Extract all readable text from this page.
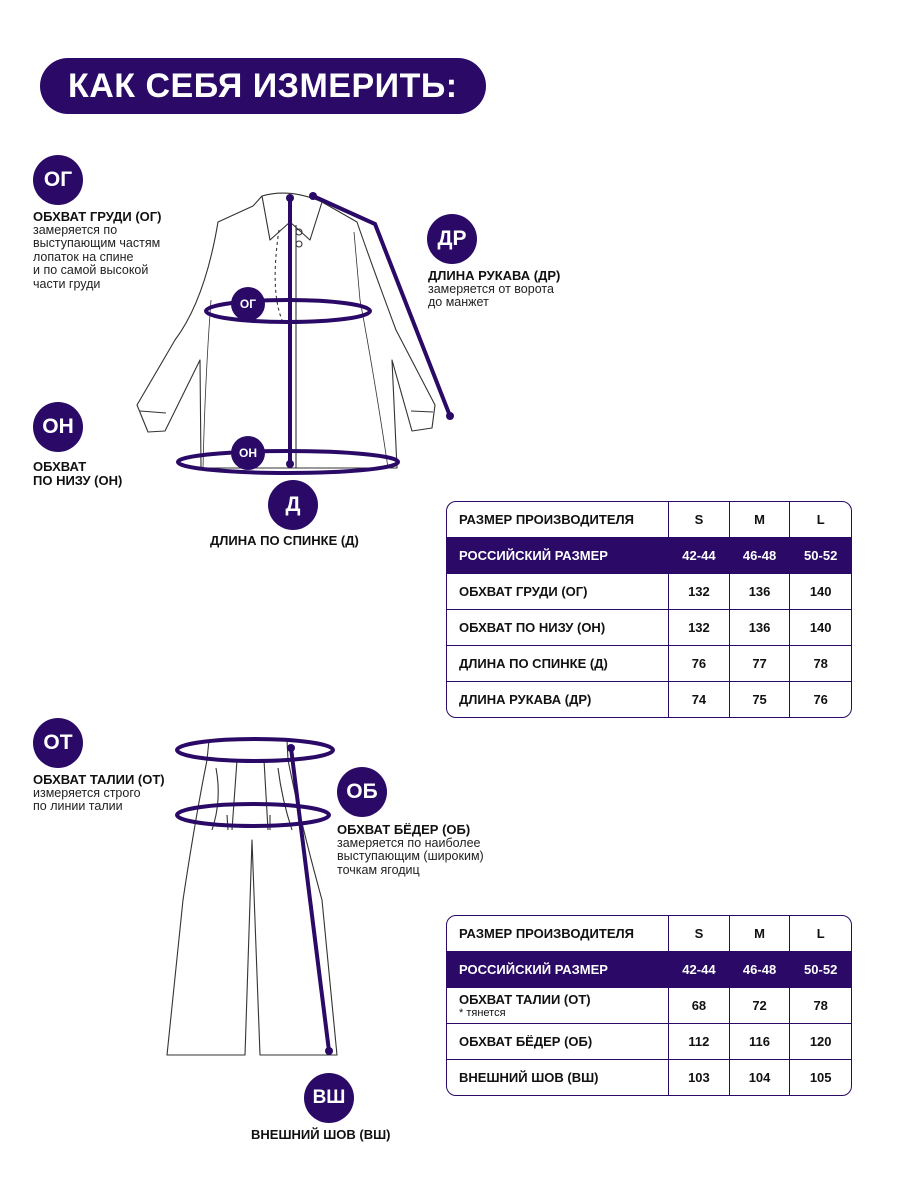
КАК СЕБЯ ИЗМЕРИТЬ:
ОГ
ОН
ОГ
ОБХВАТ ГРУДИ (ОГ)
замеряется по
выступающим частям
лопаток на спине
и по самой высокой
части груди
ДР
ДЛИНА РУКАВА (ДР)
замеряется от ворота
до манжет
ОН
ОБХВАТ
ПО НИЗУ (ОН)
Д
ДЛИНА ПО СПИНКЕ (Д)
ОТ
ОБХВАТ ТАЛИИ (ОТ)
измеряется строго
по линии талии
ОБ
ОБХВАТ БЁДЕР (ОБ)
замеряется по наиболее
выступающим (широким)
точкам ягодиц
ВШ
ВНЕШНИЙ ШОВ (ВШ)
РАЗМЕР ПРОИЗВОДИТЕЛЯ	S	M	L
РОССИЙСКИЙ РАЗМЕР	42-44	46-48	50-52
ОБХВАТ ГРУДИ (ОГ)	132	136	140
ОБХВАТ ПО НИЗУ (ОН)	132	136	140
ДЛИНА ПО СПИНКЕ (Д)	76	77	78
ДЛИНА РУКАВА (ДР)	74	75	76
РАЗМЕР ПРОИЗВОДИТЕЛЯ	S	M	L
РОССИЙСКИЙ РАЗМЕР	42-44	46-48	50-52
ОБХВАТ ТАЛИИ (ОТ)
* тянется	68	72	78
ОБХВАТ БЁДЕР (ОБ)	112	116	120
ВНЕШНИЙ ШОВ (ВШ)	103	104	105
